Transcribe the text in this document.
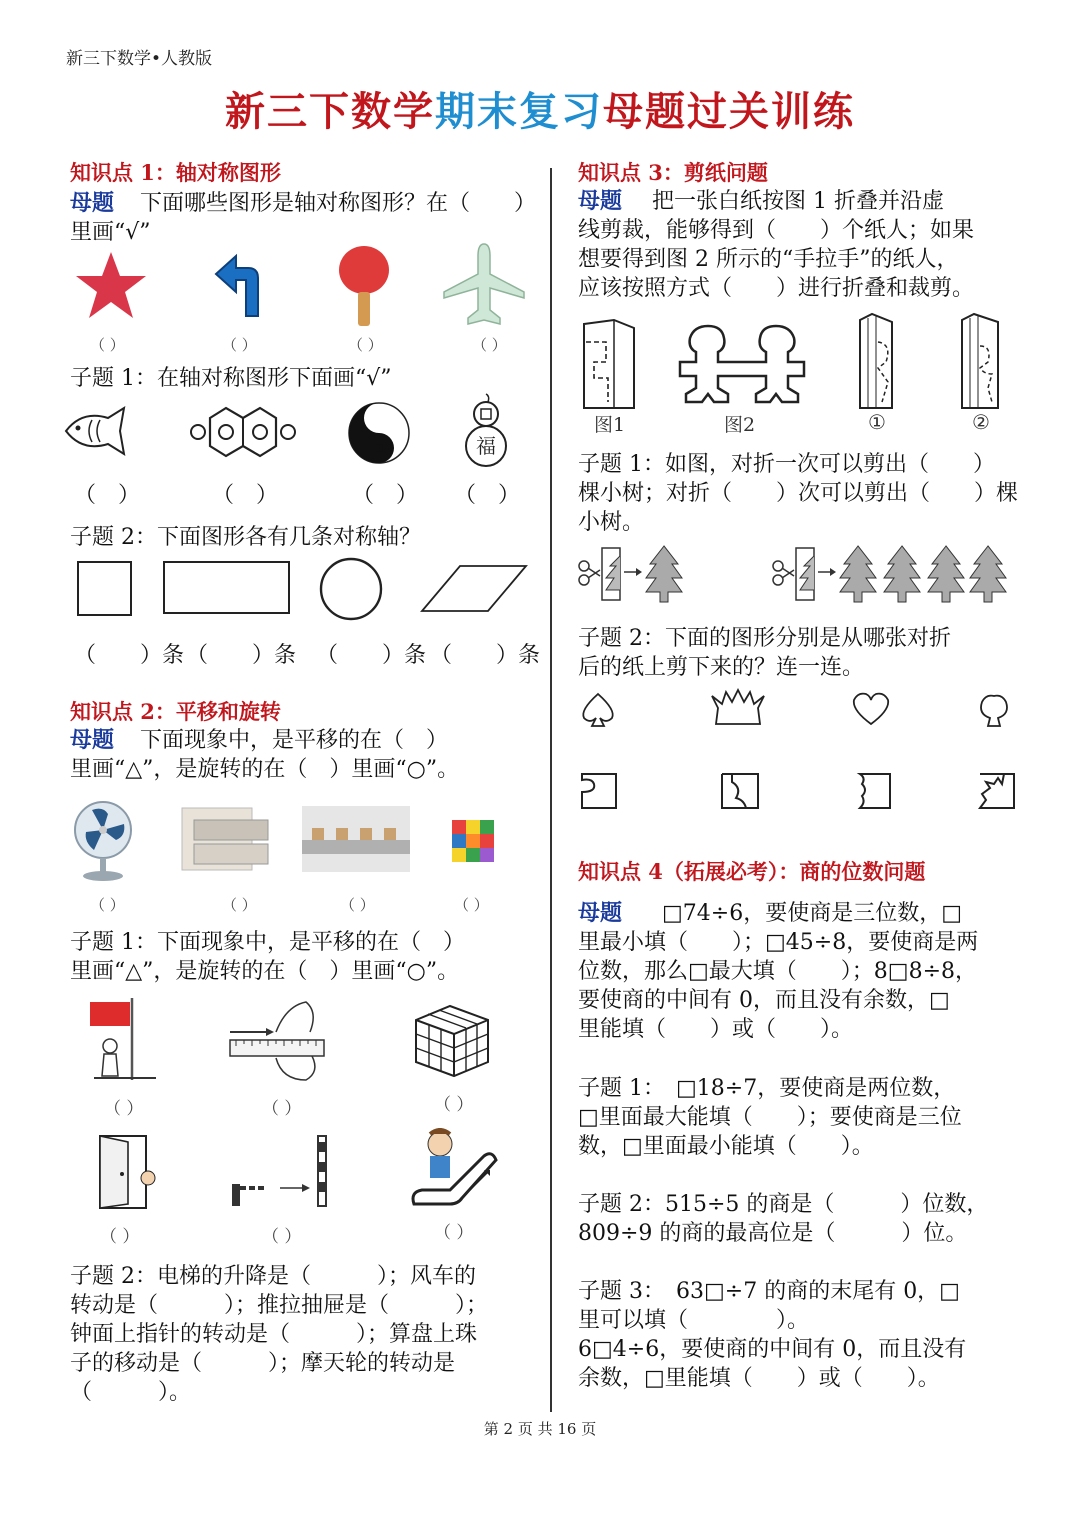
新三下数学•人教版
新三下数学期末复习母题过关训练
知识点 1：轴对称图形
母题 下面哪些图形是轴对称图形？在（　　）里画“√”
（ ）	（ ）	（ ）	（ ）
子题 1：在轴对称图形下面画“√”
福
（　）	（　）	（　） （　）
子题 2：下面图形各有几条对称轴？
（　　）条 （　　）条 （　　）条 （　　）条
知识点 2：平移和旋转
母题 下面现象中，是平移的在（　）
里画“△”，是旋转的在（　）里画“○”。
（ ）	（ ）	（ ）	（ ）
子题 1：下面现象中，是平移的在（　）
里画“△”，是旋转的在（　）里画“○”。
（ ）	（ ）	（ ）
（ ）	（ ）	（ ）
子题 2：电梯的升降是（　　　）；风车的
转动是（　　　）；推拉抽屉是（　　　）；
钟面上指针的转动是（　　　）；算盘上珠
子的移动是（　　　）；摩天轮的转动是
（　　　）。
知识点 3：剪纸问题
母题 把一张白纸按图 1 折叠并沿虚
线剪裁，能够得到（　　）个纸人；如果
想要得到图 2 所示的“手拉手”的纸人，
应该按照方式（　　）进行折叠和裁剪。
图1	图2	①	②
子题 1：如图，对折一次可以剪出（　　）
棵小树；对折（　　）次可以剪出（　　）棵
小树。
子题 2：下面的图形分别是从哪张对折
后的纸上剪下来的？连一连。
知识点 4（拓展必考）：商的位数问题
母题 □74÷6，要使商是三位数，□
里最小填（　　）；□45÷8，要使商是两
位数，那么□最大填（　　）；8□8÷8，
要使商的中间有 0，而且没有余数，□
里能填（　　）或（　　）。
子题 1：　□18÷7，要使商是两位数，
□里面最大能填（　　）；要使商是三位
数，□里面最小能填（　　）。
子题 2：515÷5 的商是（　　　）位数，
809÷9 的商的最高位是（　　　）位。
子题 3：　63□÷7 的商的末尾有 0，□
里可以填（　　　　）。
6□4÷6，要使商的中间有 0，而且没有
余数，□里能填（　　）或（　　）。
第 2 页 共 16 页
